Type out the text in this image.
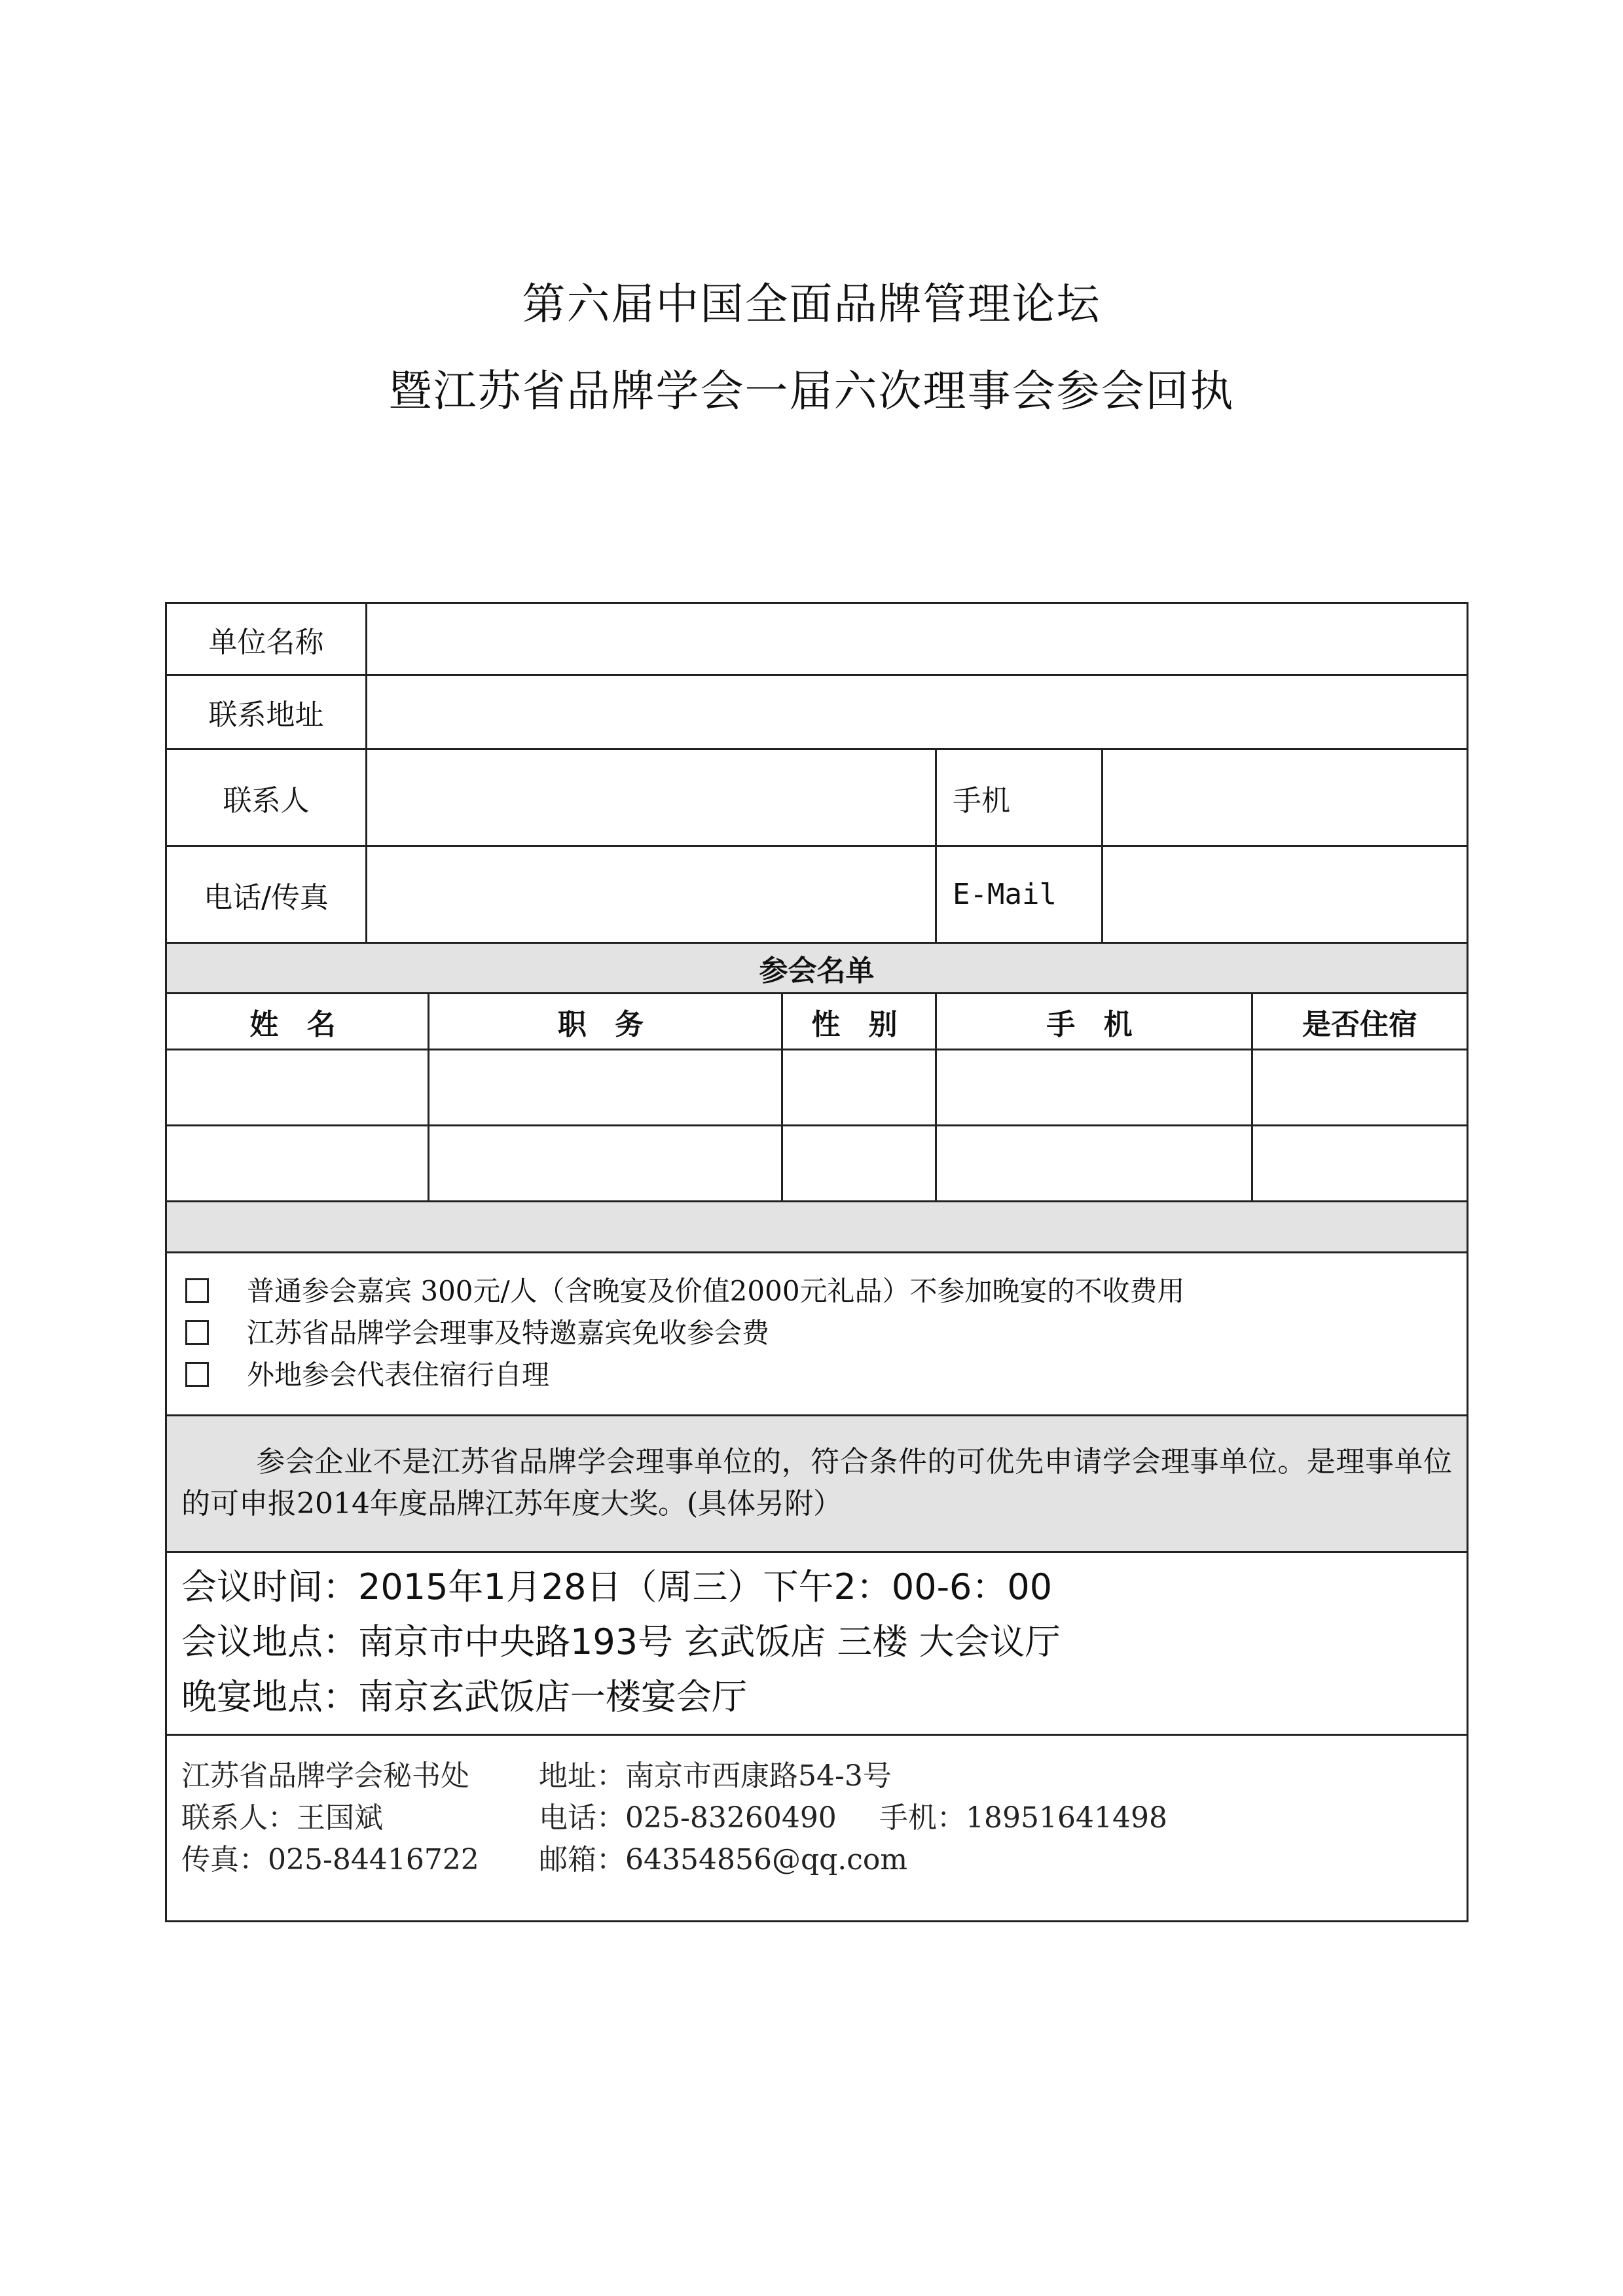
第六届中国全面品牌管理论坛
暨江苏省品牌学会一届六次理事会参会回执
单位名称						
联系地址						
联系人				手机		
电话/传真				E-Mail		
参会名单						
姓 名		职 务	性 别	手 机		是否住宿

普通参会嘉宾 300元/人（含晚宴及价值2000元礼品）不参加晚宴的不收费用
江苏省品牌学会理事及特邀嘉宾免收参会费
外地参会代表住宿行自理						

参会企业不是江苏省品牌学会理事单位的，符合条件的可优先申请学会理事单位。是理事单位的可申报2014年度品牌江苏年度大奖。(具体另附）						

会议时间：2015年1月28日（周三）下午2：00-6：00
会议地点：南京市中央路193号 玄武饭店 三楼 大会议厅
晚宴地点：南京玄武饭店一楼宴会厅						

江苏省品牌学会秘书处 地址：南京市西康路54-3号
联系人：王国斌 电话：025-83260490 手机：18951641498
传真：025-84416722 邮箱：64354856@qq.com						
